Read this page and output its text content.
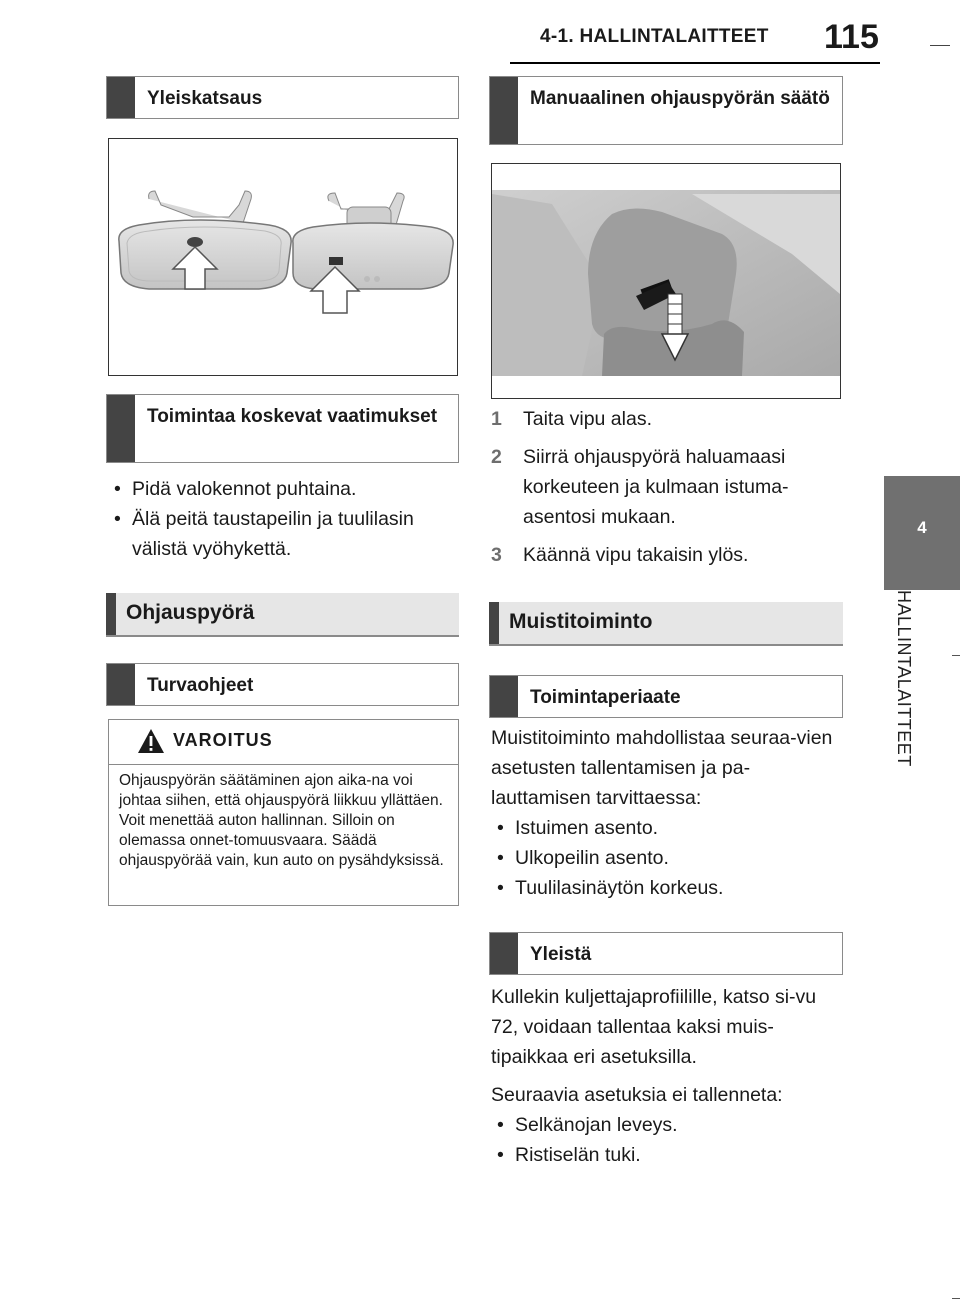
4-1. HALLINTALAITTEET 115
4
HALLINTALAITTEET
Yleiskatsaus
Toimintaa koskevat vaatimukset
• Pidä valokennot puhtaina.
• Älä peitä taustapeilin ja tuulilasin välistä vyöhykettä.
Ohjauspyörä
Turvaohjeet
VAROITUS
Ohjauspyörän säätäminen ajon aika-na voi johtaa siihen, että ohjauspyörä liikkuu yllättäen. Voit menettää auton hallinnan. Silloin on olemassa onnet-tomuusvaara. Säädä ohjauspyörää vain, kun auto on pysähdyksissä.
Manuaalinen ohjauspyörän säätö
1 Taita vipu alas.
2 Siirrä ohjauspyörä haluamaasi korkeuteen ja kulmaan istuma-asentosi mukaan.
3 Käännä vipu takaisin ylös.
Muistitoiminto
Toimintaperiaate
Muistitoiminto mahdollistaa seuraa-vien asetusten tallentamisen ja pa-lauttamisen tarvittaessa:
• Istuimen asento.
• Ulkopeilin asento.
• Tuulilasinäytön korkeus.
Yleistä
Kullekin kuljettajaprofiilille, katso si-vu 72, voidaan tallentaa kaksi muis-tipaikkaa eri asetuksilla.
Seuraavia asetuksia ei tallenneta:
• Selkänojan leveys.
• Ristiselän tuki.
